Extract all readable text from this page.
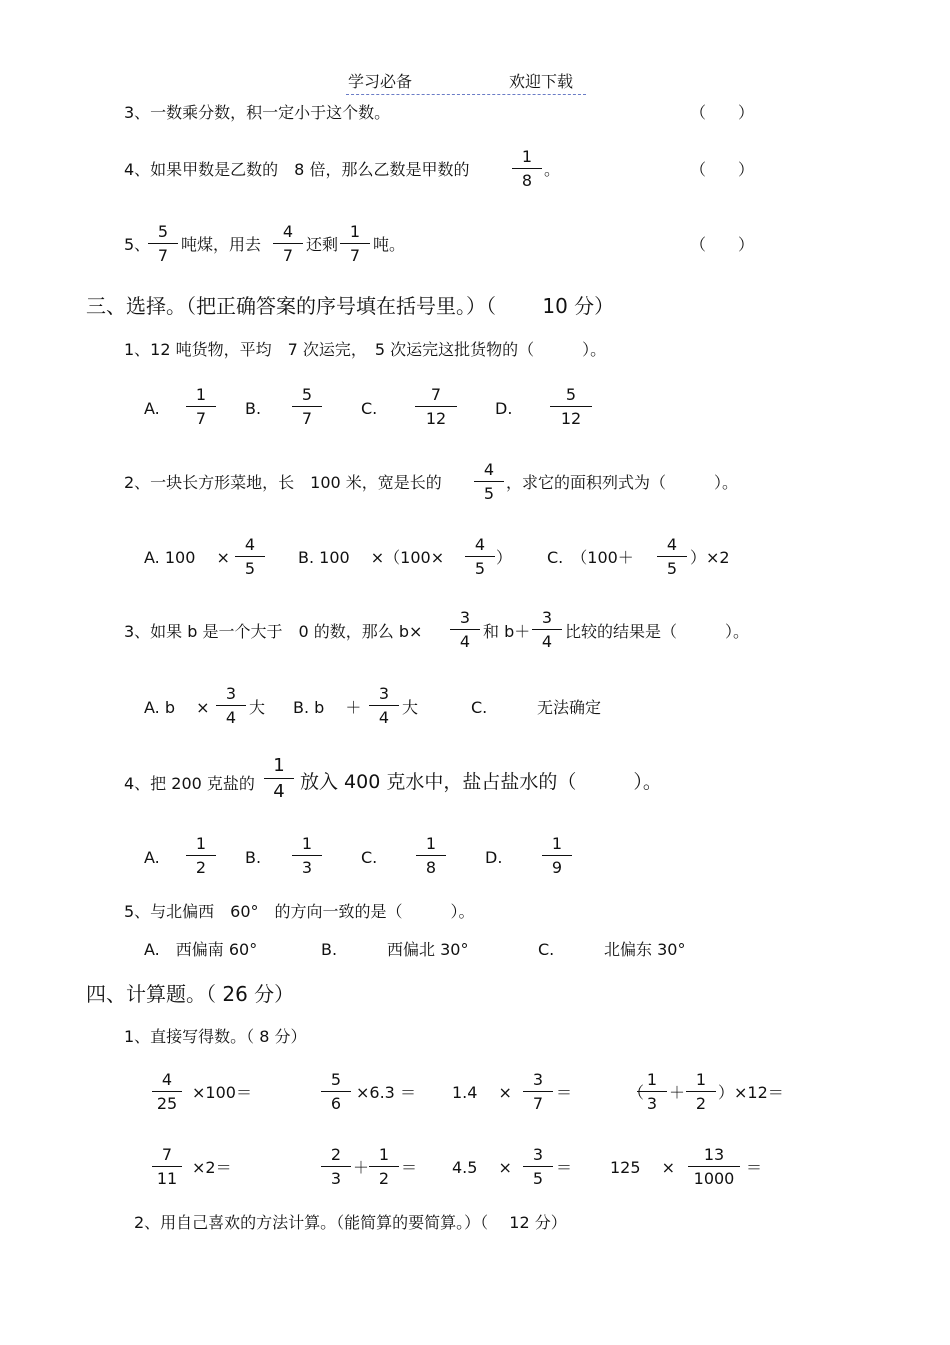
学习必备	欢迎下载
3、一数乘分数，积一定小于这个数。	（　　）
4、如果甲数是乙数的　8 倍，那么乙数是甲数的
1
8
。	（　　）
5、
5
7
吨煤，用去
4
7
还剩
1
7
吨。	（　　）
三、选择。（把正确答案的序号填在括号里。）（　　 10 分）
1、12 吨货物，平均　7 次运完，　5 次运完这批货物的（　　　）。
A.
1
7
B.
5
7
C.
7
12
D.
5
12
2、一块长方形菜地，长　100 米，宽是长的
4
5
，求它的面积列式为（　　　）。
A. 100　 ×
4
5
B. 100　 ×（100×
4
5
） C.　（100＋
4
5
）×2
3、如果 b 是一个大于　0 的数，那么 b×
3
4
和 b＋
3
4
比较的结果是（　　　）。
A. b　 ×
3
4
大 B. b　 ＋
3
4
大	C.	无法确定
4、把 200 克盐的
1
4 放入 400 克水中，盐占盐水的（　　　）。
A.
1
2
B.
1
3
C.
1
8
D.
1
9
5、与北偏西　60°　的方向一致的是（　　　）。
A.　西偏南 60°	B.	西偏北 30°	C.	北偏东 30°
四、计算题。（ 26 分）
1、直接写得数。（ 8 分）
4
25
×100＝
5
6
×6.3 ＝ 1.4　 ×
3
7
＝	（
1
3
＋
1
2
）×12＝
7
11
×2＝
2
3
＋
1
2
＝ 4.5　 ×
3
5
＝ 125　 ×
13
1000
＝
2、用自己喜欢的方法计算。（能简算的要简算。）（　 12 分）
